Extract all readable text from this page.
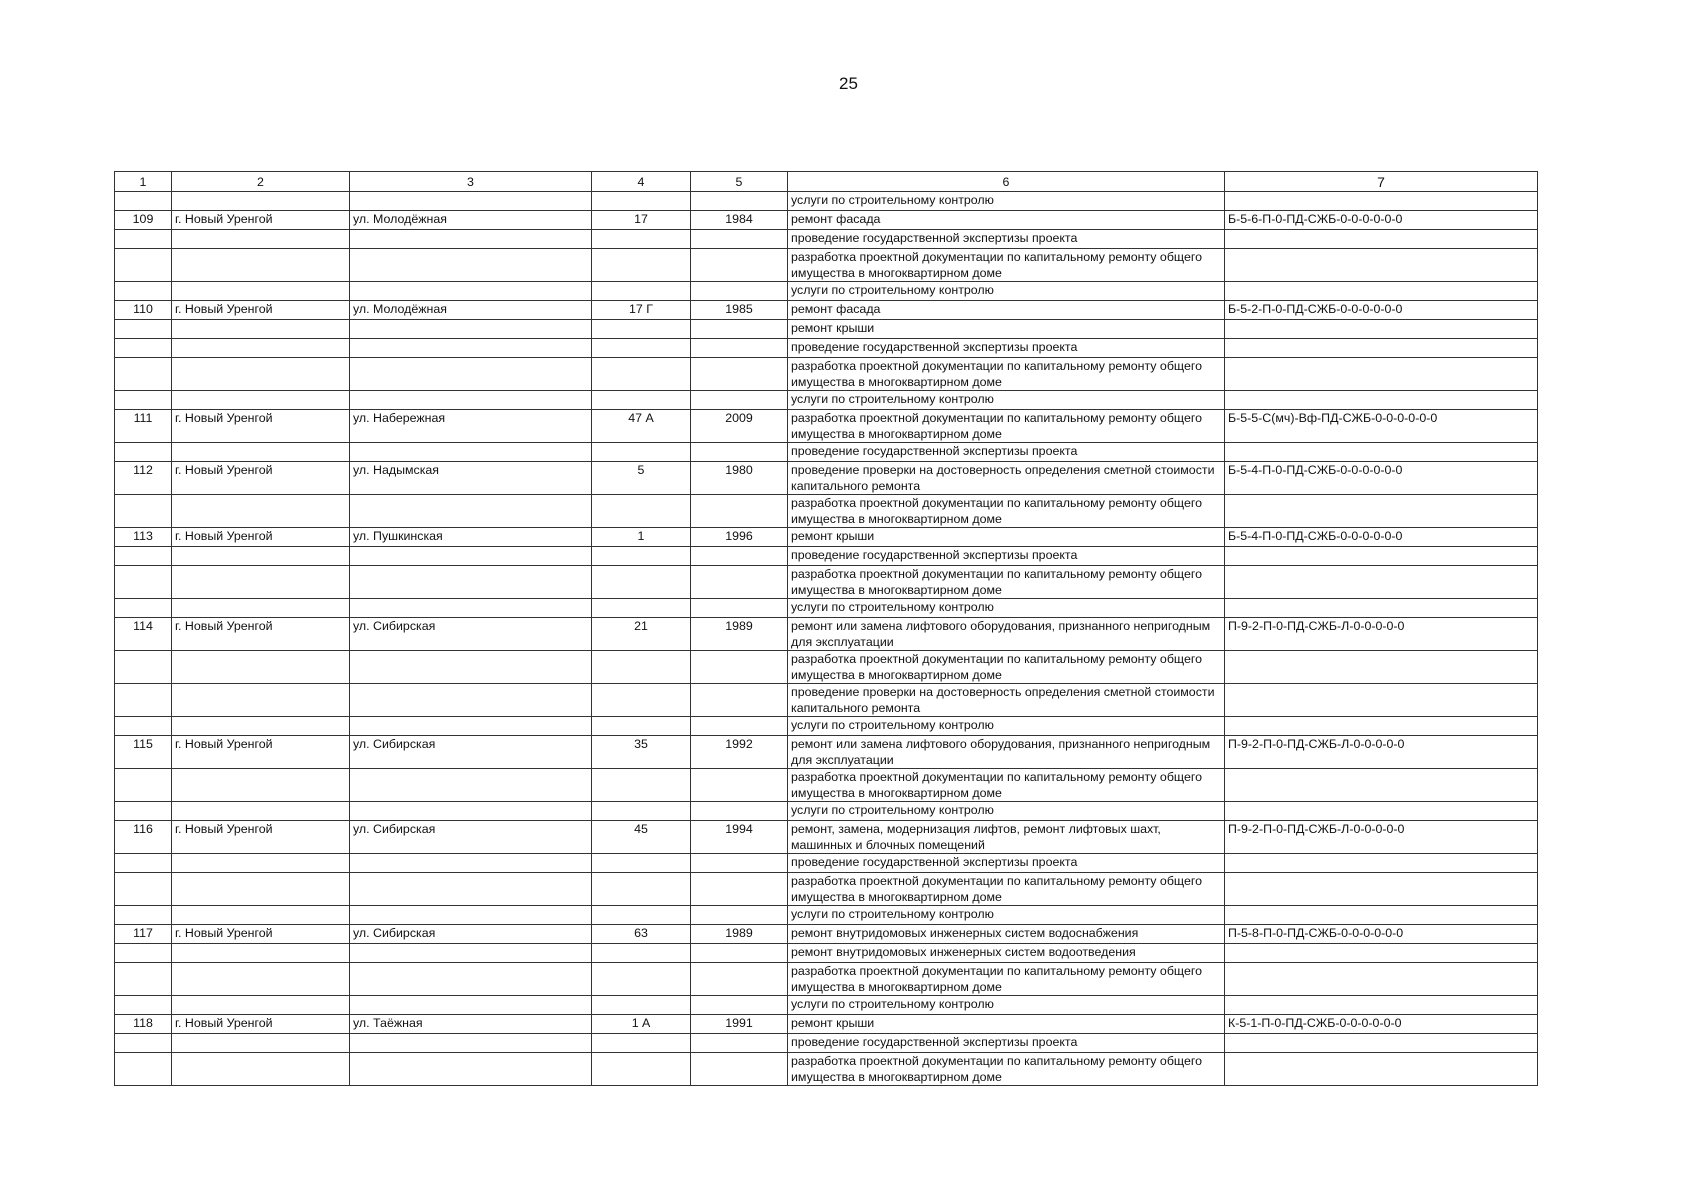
25
1	2	3	4	5	6	7
					услуги по строительному контролю	
109	г. Новый Уренгой	ул. Молодёжная	17	1984	ремонт фасада	Б-5-6-П-0-ПД-СЖБ-0-0-0-0-0-0
					проведение государственной экспертизы проекта	
					разработка проектной документации по капитальному ремонту общего имущества в многоквартирном доме	
					услуги по строительному контролю	
110	г. Новый Уренгой	ул. Молодёжная	17 Г	1985	ремонт фасада	Б-5-2-П-0-ПД-СЖБ-0-0-0-0-0-0
					ремонт крыши	
					проведение государственной экспертизы проекта	
					разработка проектной документации по капитальному ремонту общего имущества в многоквартирном доме	
					услуги по строительному контролю	
111	г. Новый Уренгой	ул. Набережная	47 А	2009	разработка проектной документации по капитальному ремонту общего имущества в многоквартирном доме	Б-5-5-С(мч)-Вф-ПД-СЖБ-0-0-0-0-0-0
					проведение государственной экспертизы проекта	
112	г. Новый Уренгой	ул. Надымская	5	1980	проведение проверки на достоверность определения сметной стоимости капитального ремонта	Б-5-4-П-0-ПД-СЖБ-0-0-0-0-0-0
					разработка проектной документации по капитальному ремонту общего имущества в многоквартирном доме	
113	г. Новый Уренгой	ул. Пушкинская	1	1996	ремонт крыши	Б-5-4-П-0-ПД-СЖБ-0-0-0-0-0-0
					проведение государственной экспертизы проекта	
					разработка проектной документации по капитальному ремонту общего имущества в многоквартирном доме	
					услуги по строительному контролю	
114	г. Новый Уренгой	ул. Сибирская	21	1989	ремонт или замена лифтового оборудования, признанного непригодным для эксплуатации	П-9-2-П-0-ПД-СЖБ-Л-0-0-0-0-0
					разработка проектной документации по капитальному ремонту общего имущества в многоквартирном доме	
					проведение проверки на достоверность определения сметной стоимости капитального ремонта	
					услуги по строительному контролю	
115	г. Новый Уренгой	ул. Сибирская	35	1992	ремонт или замена лифтового оборудования, признанного непригодным для эксплуатации	П-9-2-П-0-ПД-СЖБ-Л-0-0-0-0-0
					разработка проектной документации по капитальному ремонту общего имущества в многоквартирном доме	
					услуги по строительному контролю	
116	г. Новый Уренгой	ул. Сибирская	45	1994	ремонт, замена, модернизация лифтов, ремонт лифтовых шахт, машинных и блочных помещений	П-9-2-П-0-ПД-СЖБ-Л-0-0-0-0-0
					проведение государственной экспертизы проекта	
					разработка проектной документации по капитальному ремонту общего имущества в многоквартирном доме	
					услуги по строительному контролю	
117	г. Новый Уренгой	ул. Сибирская	63	1989	ремонт внутридомовых инженерных систем водоснабжения	П-5-8-П-0-ПД-СЖБ-0-0-0-0-0-0
					ремонт внутридомовых инженерных систем водоотведения	
					разработка проектной документации по капитальному ремонту общего имущества в многоквартирном доме	
					услуги по строительному контролю	
118	г. Новый Уренгой	ул. Таёжная	1 А	1991	ремонт крыши	К-5-1-П-0-ПД-СЖБ-0-0-0-0-0-0
					проведение государственной экспертизы проекта	
					разработка проектной документации по капитальному ремонту общего имущества в многоквартирном доме	
